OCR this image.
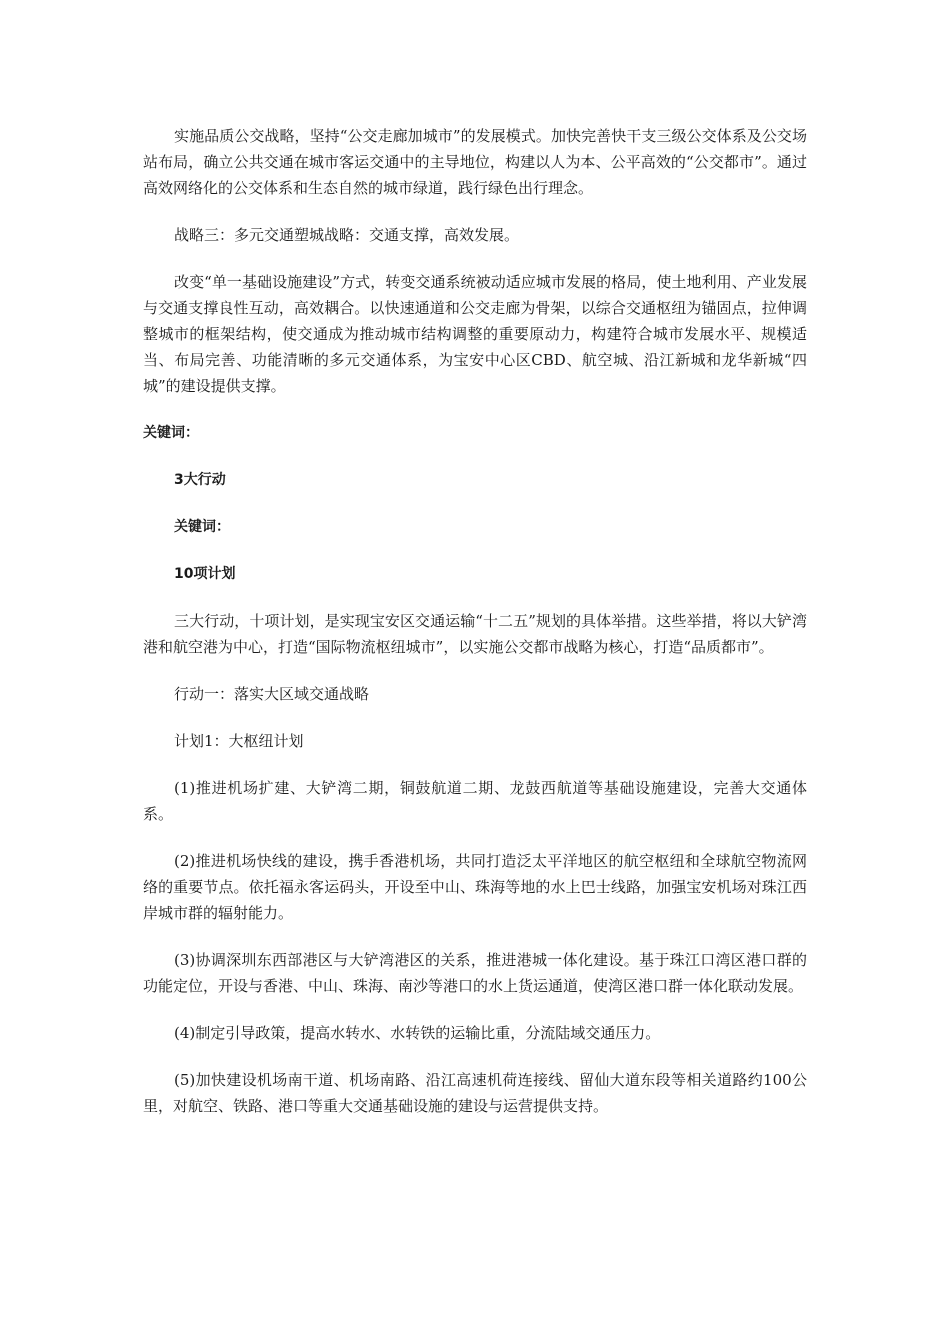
实施品质公交战略，坚持“公交走廊加城市”的发展模式。加快完善快干支三级公交体系及公交场站布局，确立公共交通在城市客运交通中的主导地位，构建以人为本、公平高效的“公交都市”。通过高效网络化的公交体系和生态自然的城市绿道，践行绿色出行理念。

战略三：多元交通塑城战略：交通支撑，高效发展。

改变“单一基础设施建设”方式，转变交通系统被动适应城市发展的格局，使土地利用、产业发展与交通支撑良性互动，高效耦合。以快速通道和公交走廊为骨架，以综合交通枢纽为锚固点，拉伸调整城市的框架结构，使交通成为推动城市结构调整的重要原动力，构建符合城市发展水平、规模适当、布局完善、功能清晰的多元交通体系，为宝安中心区CBD、航空城、沿江新城和龙华新城“四城”的建设提供支撑。

关键词：

3大行动

关键词：

10项计划

三大行动，十项计划，是实现宝安区交通运输“十二五”规划的具体举措。这些举措，将以大铲湾港和航空港为中心，打造“国际物流枢纽城市”，以实施公交都市战略为核心，打造“品质都市”。

行动一：落实大区域交通战略

计划1：大枢纽计划

(1)推进机场扩建、大铲湾二期，铜鼓航道二期、龙鼓西航道等基础设施建设，完善大交通体系。

(2)推进机场快线的建设，携手香港机场，共同打造泛太平洋地区的航空枢纽和全球航空物流网络的重要节点。依托福永客运码头，开设至中山、珠海等地的水上巴士线路，加强宝安机场对珠江西岸城市群的辐射能力。

(3)协调深圳东西部港区与大铲湾港区的关系，推进港城一体化建设。基于珠江口湾区港口群的功能定位，开设与香港、中山、珠海、南沙等港口的水上货运通道，使湾区港口群一体化联动发展。

(4)制定引导政策，提高水转水、水转铁的运输比重，分流陆域交通压力。

(5)加快建设机场南干道、机场南路、沿江高速机荷连接线、留仙大道东段等相关道路约100公里，对航空、铁路、港口等重大交通基础设施的建设与运营提供支持。
